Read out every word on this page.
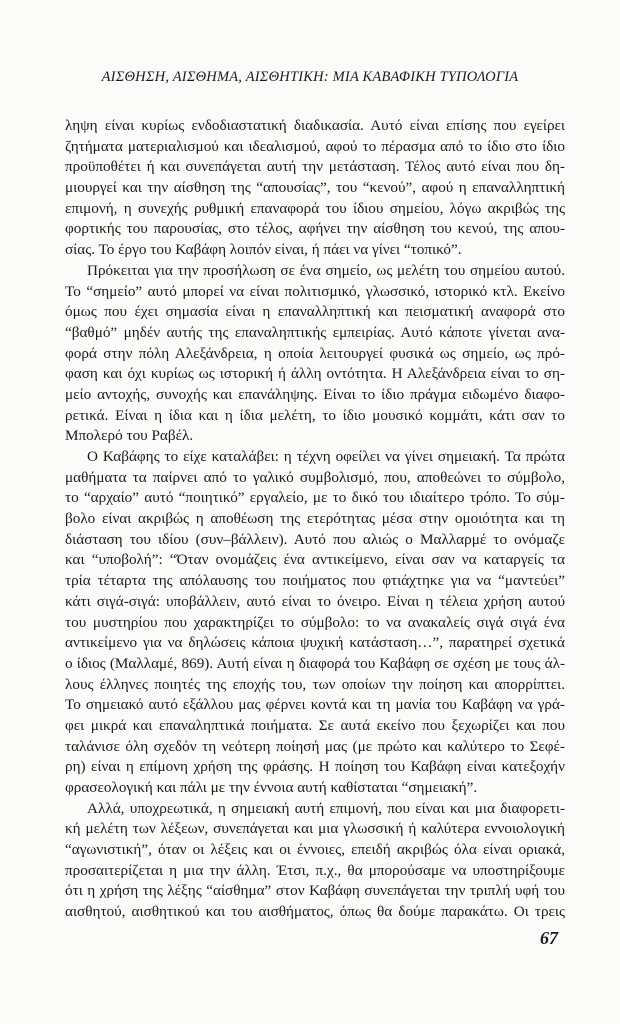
ΑΙΣΘΗΣΗ, ΑΙΣΘΗΜΑ, ΑΙΣΘΗΤΙΚΗ: ΜΙΑ ΚΑΒΑΦΙΚΗ ΤΥΠΟΛΟΓΙΑ
ληψη είναι κυρίως ενδοδιαστατική διαδικασία. Αυτό είναι επίσης που εγείρει
ζητήματα ματεριαλισμού και ιδεαλισμού, αφού το πέρασμα από το ίδιο στο ίδιο
προϋποθέτει ή και συνεπάγεται αυτή την μετάσταση. Τέλος αυτό είναι που δη-
μιουργεί και την αίσθηση της “απουσίας”, του “κενού”, αφού η επαναλληπτική
επιμονή, η συνεχής ρυθμική επαναφορά του ίδιου σημείου, λόγω ακριβώς της
φορτικής του παρουσίας, στο τέλος, αφήνει την αίσθηση του κενού, της απου-
σίας. Το έργο του Καβάφη λοιπόν είναι, ή πάει να γίνει “τοπικό”.
Πρόκειται για την προσήλωση σε ένα σημείο, ως μελέτη του σημείου αυτού.
Το “σημείο” αυτό μπορεί να είναι πολιτισμικό, γλωσσικό, ιστορικό κτλ. Εκείνο
όμως που έχει σημασία είναι η επαναλληπτική και πεισματική αναφορά στο
“βαθμό” μηδέν αυτής της επαναληπτικής εμπειρίας. Αυτό κάποτε γίνεται ανα-
φορά στην πόλη Αλεξάνδρεια, η οποία λειτουργεί φυσικά ως σημείο, ως πρό-
φαση και όχι κυρίως ως ιστορική ή άλλη οντότητα. Η Αλεξάνδρεια είναι το ση-
μείο αντοχής, συνοχής και επανάληψης. Είναι το ίδιο πράγμα ειδωμένο διαφο-
ρετικά. Είναι η ίδια και η ίδια μελέτη, το ίδιο μουσικό κομμάτι, κάτι σαν το
Μπολερό του Ραβέλ.
Ο Καβάφης το είχε καταλάβει: η τέχνη οφείλει να γίνει σημειακή. Τα πρώτα
μαθήματα τα παίρνει από το γαλικό συμβολισμό, που, αποθεώνει το σύμβολο,
το “αρχαίο” αυτό “ποιητικό” εργαλείο, με το δικό του ιδιαίτερο τρόπο. Το σύμ-
βολο είναι ακριβώς η αποθέωση της ετερότητας μέσα στην ομοιότητα και τη
διάσταση του ιδίου (συν–βάλλειν). Αυτό που αλιώς ο Μαλλαρμέ το ονόμαζε
και “υποβολή”: “Όταν ονομάζεις ένα αντικείμενο, είναι σαν να καταργείς τα
τρία τέταρτα της απόλαυσης του ποιήματος που φτιάχτηκε για να “μαντεύει”
κάτι σιγά-σιγά: υποβάλλειν, αυτό είναι το όνειρο. Είναι η τέλεια χρήση αυτού
του μυστηρίου που χαρακτηρίζει το σύμβολο: το να ανακαλείς σιγά σιγά ένα
αντικείμενο για να δηλώσεις κάποια ψυχική κατάσταση…”, παρατηρεί σχετικά
ο ίδιος (Μαλλαμέ, 869). Αυτή είναι η διαφορά του Καβάφη σε σχέση με τους άλ-
λους έλληνες ποιητές της εποχής του, των οποίων την ποίηση και απορρίπτει.
Το σημειακό αυτό εξάλλου μας φέρνει κοντά και τη μανία του Καβάφη να γρά-
φει μικρά και επαναληπτικά ποιήματα. Σε αυτά εκείνο που ξεχωρίζει και που
ταλάνισε όλη σχεδόν τη νεότερη ποίησή μας (με πρώτο και καλύτερο το Σεφέ-
ρη) είναι η επίμονη χρήση της φράσης. Η ποίηση του Καβάφη είναι κατεξοχήν
φρασεολογική και πάλι με την έννοια αυτή καθίσταται “σημειακή”.
Αλλά, υποχρεωτικά, η σημειακή αυτή επιμονή, που είναι και μια διαφορετι-
κή μελέτη των λέξεων, συνεπάγεται και μια γλωσσική ή καλύτερα εννοιολογική
“αγωνιστική”, όταν οι λέξεις και οι έννοιες, επειδή ακριβώς όλα είναι οριακά,
προσαιτερίζεται η μια την άλλη. Έτσι, π.χ., θα μπορούσαμε να υποστηρίξουμε
ότι η χρήση της λέξης “αίσθημα” στον Καβάφη συνεπάγεται την τριπλή υφή του
αισθητού, αισθητικού και του αισθήματος, όπως θα δούμε παρακάτω. Οι τρεις
67
